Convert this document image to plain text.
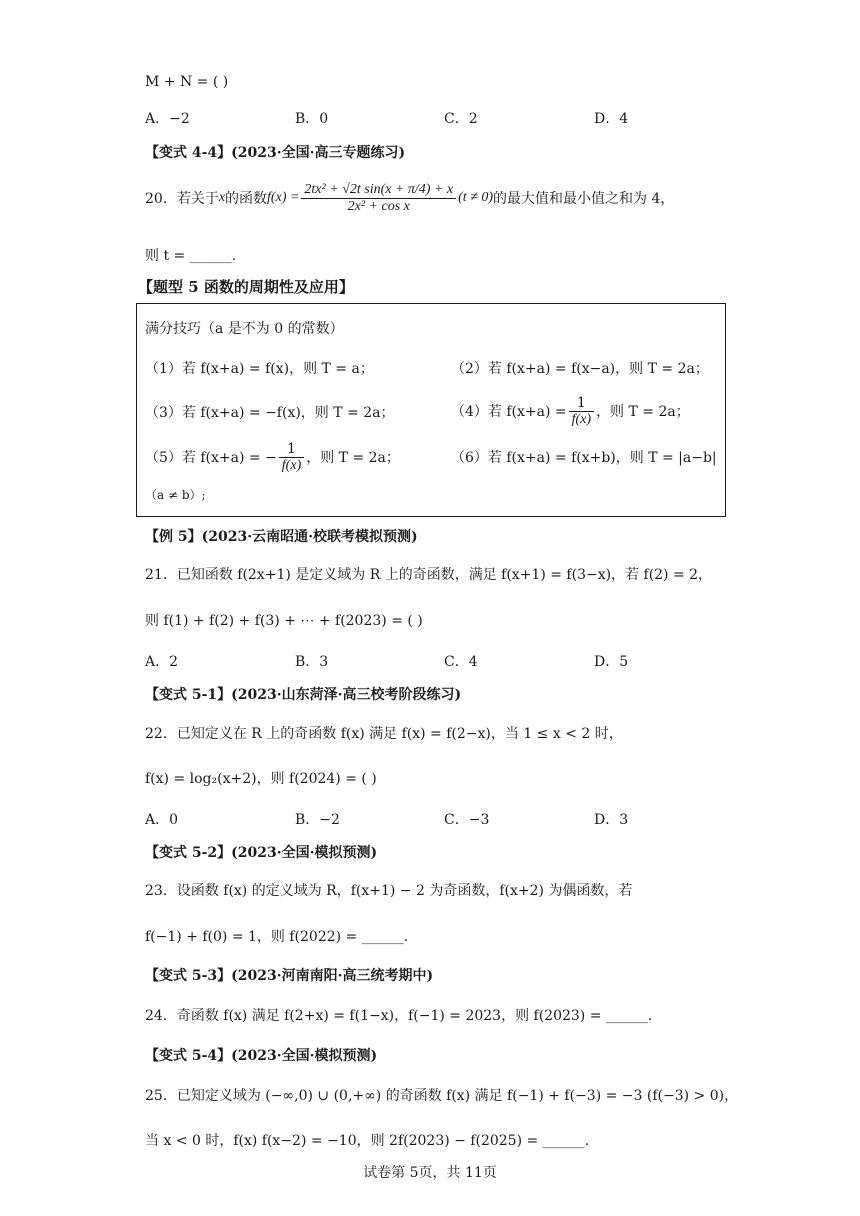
M + N = ( )
A．−2	B．0	C．2	D．4
【变式 4-4】(2023·全国·高三专题练习)
20．若关于 x 的函数 $f(x) = \frac{\text{2tx² + √2t sin(x + π/4) + x}}{\text{2x² + cos x}} (t \ne 0)$ 的最大值和最小值之和为 4，
则 t = ______.
【题型 5 函数的周期性及应用】
满分技巧（a 是不为 0 的常数）
（1）若 f(x+a) = f(x)，则 T = a；	（2）若 f(x+a) = f(x−a)，则 T = 2a；
（3）若 f(x+a) = −f(x)，则 T = 2a；	（4）若 $f(x+a) = \frac{1}{f(x)}$ ，则 T = 2a；
（5）若 f(x+a) = − $\frac{1}{f(x)}$ ，则 T = 2a；	（6）若 f(x+a) = f(x+b)，则 T = |a−b|
（a ≠ b）;
【例 5】(2023·云南昭通·校联考模拟预测)
21．已知函数 f(2x+1) 是定义域为 R 上的奇函数，满足 f(x+1) = f(3−x)，若 f(2) = 2，
则 f(1) + f(2) + f(3) + ⋯ + f(2023) = ( )
A．2	B．3	C．4	D．5
【变式 5-1】(2023·山东菏泽·高三校考阶段练习)
22．已知定义在 R 上的奇函数 f(x) 满足 f(x) = f(2−x)，当 1 ≤ x < 2 时，
f(x) = log₂(x+2)，则 f(2024) = ( )
A．0	B．−2	C．−3	D．3
【变式 5-2】(2023·全国·模拟预测)
23．设函数 f(x) 的定义域为 R，f(x+1) − 2 为奇函数，f(x+2) 为偶函数，若
f(−1) + f(0) = 1，则 f(2022) = ______.
【变式 5-3】(2023·河南南阳·高三统考期中)
24．奇函数 f(x) 满足 f(2+x) = f(1−x)，f(−1) = 2023，则 f(2023) = ______.
【变式 5-4】(2023·全国·模拟预测)
25．已知定义域为 (−∞,0) ∪ (0,+∞) 的奇函数 f(x) 满足 f(−1) + f(−3) = −3 (f(−3) > 0)，
当 x < 0 时，f(x) f(x−2) = −10，则 2f(2023) − f(2025) = ______.
试卷第 5页，共 11页
